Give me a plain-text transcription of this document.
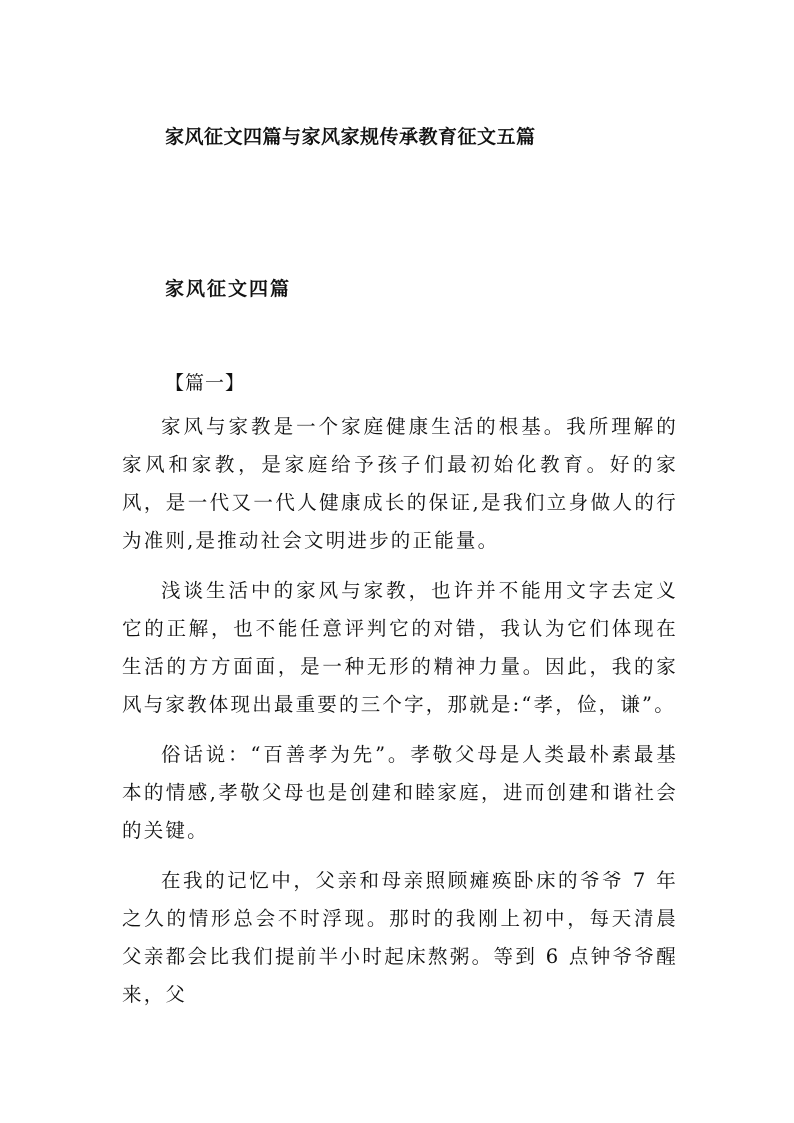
家风征文四篇与家风家规传承教育征文五篇
家风征文四篇
【篇一】

家风与家教是一个家庭健康生活的根基。我所理解的家风和家教，是家庭给予孩子们最初始化教育。好的家风，是一代又一代人健康成长的保证,是我们立身做人的行为准则,是推动社会文明进步的正能量。

浅谈生活中的家风与家教，也许并不能用文字去定义它的正解，也不能任意评判它的对错，我认为它们体现在生活的方方面面，是一种无形的精神力量。因此，我的家风与家教体现出最重要的三个字，那就是:“孝，俭，谦”。

俗话说：“百善孝为先”。孝敬父母是人类最朴素最基本的情感,孝敬父母也是创建和睦家庭，进而创建和谐社会的关键。

在我的记忆中，父亲和母亲照顾瘫痪卧床的爷爷 7 年之久的情形总会不时浮现。那时的我刚上初中，每天清晨父亲都会比我们提前半小时起床熬粥。等到 6 点钟爷爷醒来，父
